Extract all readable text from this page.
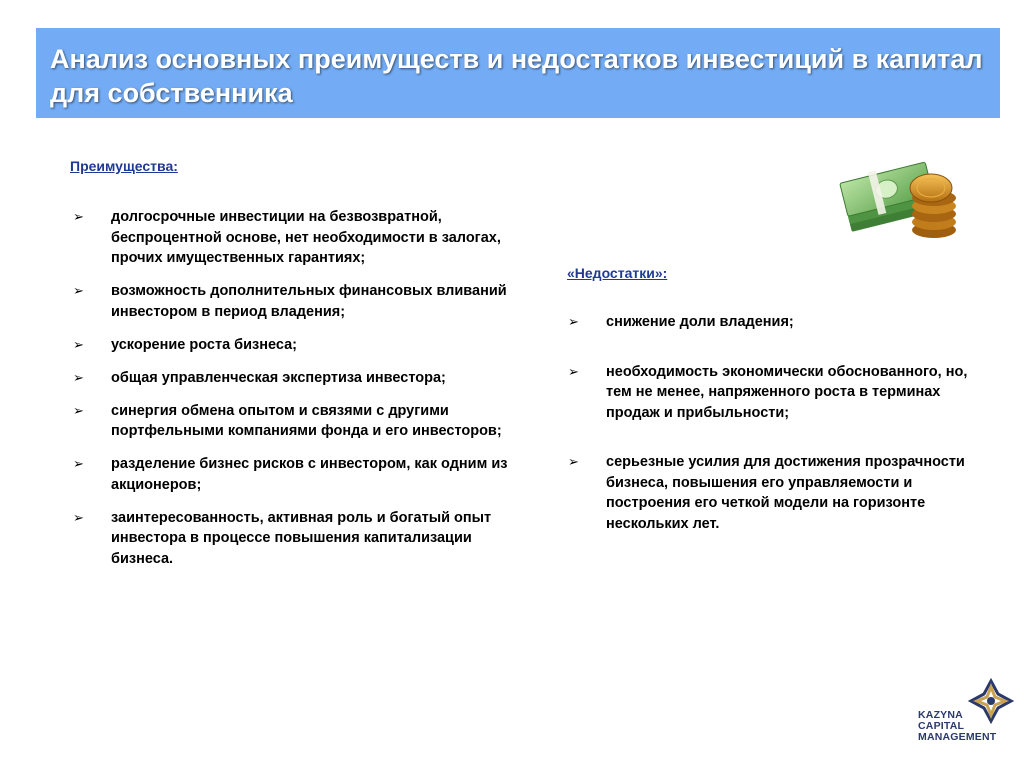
Анализ основных преимуществ и недостатков инвестиций в капитал для собственника

Преимущества:

➢ долгосрочные инвестиции на безвозвратной, беспроцентной основе, нет необходимости в залогах, прочих имущественных гарантиях;
➢ возможность дополнительных финансовых вливаний инвестором в период владения;
➢ ускорение роста бизнеса;
➢ общая управленческая экспертиза инвестора;
➢ синергия обмена опытом и связями с другими портфельными компаниями фонда и его инвесторов;
➢ разделение бизнес рисков с инвестором, как одним из акционеров;
➢ заинтересованность, активная роль и богатый опыт инвестора в процессе повышения капитализации бизнеса.

«Недостатки»:

➢ снижение доли владения;
➢ необходимость экономически обоснованного, но, тем не менее, напряженного роста в терминах продаж и прибыльности;
➢ серьезные усилия для достижения прозрачности бизнеса, повышения его управляемости и построения его четкой модели на горизонте нескольких лет.
KAZYNA
CAPITAL
MANAGEMENT
